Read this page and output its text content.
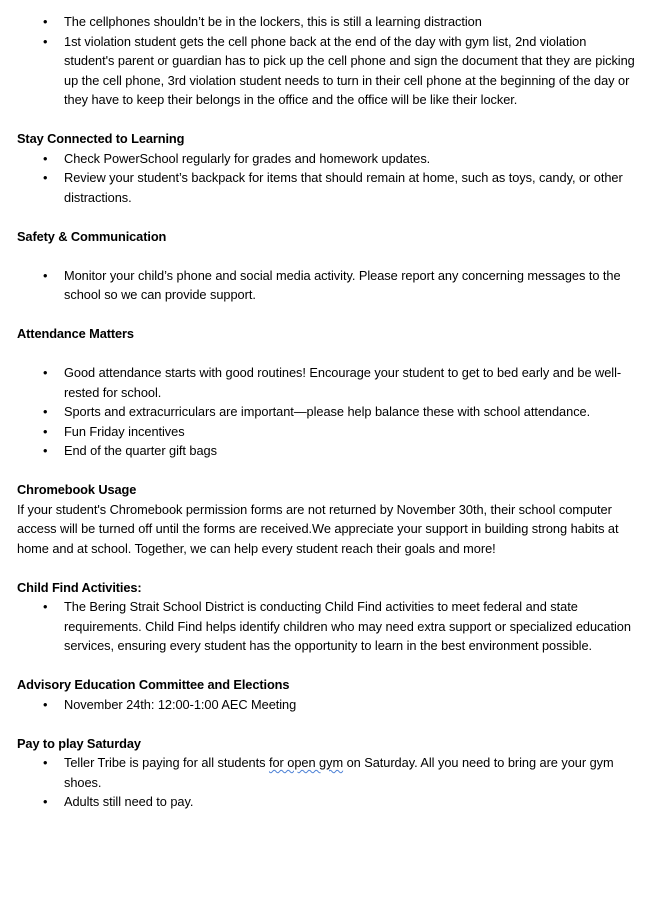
• The cellphones shouldn’t be in the lockers, this is still a learning distraction
• 1st violation student gets the cell phone back at the end of the day with gym list, 2nd violation student's parent or guardian has to pick up the cell phone and sign the document that they are picking up the cell phone, 3rd violation student needs to turn in their cell phone at the beginning of the day or they have to keep their belongs in the office and the office will be like their locker.
Stay Connected to Learning
• Check PowerSchool regularly for grades and homework updates.
• Review your student’s backpack for items that should remain at home, such as toys, candy, or other distractions.
Safety & Communication
• Monitor your child’s phone and social media activity. Please report any concerning messages to the school so we can provide support.
Attendance Matters
• Good attendance starts with good routines! Encourage your student to get to bed early and be well-rested for school.
• Sports and extracurriculars are important—please help balance these with school attendance.
• Fun Friday incentives
• End of the quarter gift bags
Chromebook Usage

If your student's Chromebook permission forms are not returned by November 30th, their school computer access will be turned off until the forms are received.We appreciate your support in building strong habits at home and at school. Together, we can help every student reach their goals and more!

Child Find Activities:
• The Bering Strait School District is conducting Child Find activities to meet federal and state requirements. Child Find helps identify children who may need extra support or specialized education services, ensuring every student has the opportunity to learn in the best environment possible.
Advisory Education Committee and Elections
• November 24th: 12:00-1:00 AEC Meeting
Pay to play Saturday
• Teller Tribe is paying for all students for open gym on Saturday. All you need to bring are your gym shoes.
• Adults still need to pay.
